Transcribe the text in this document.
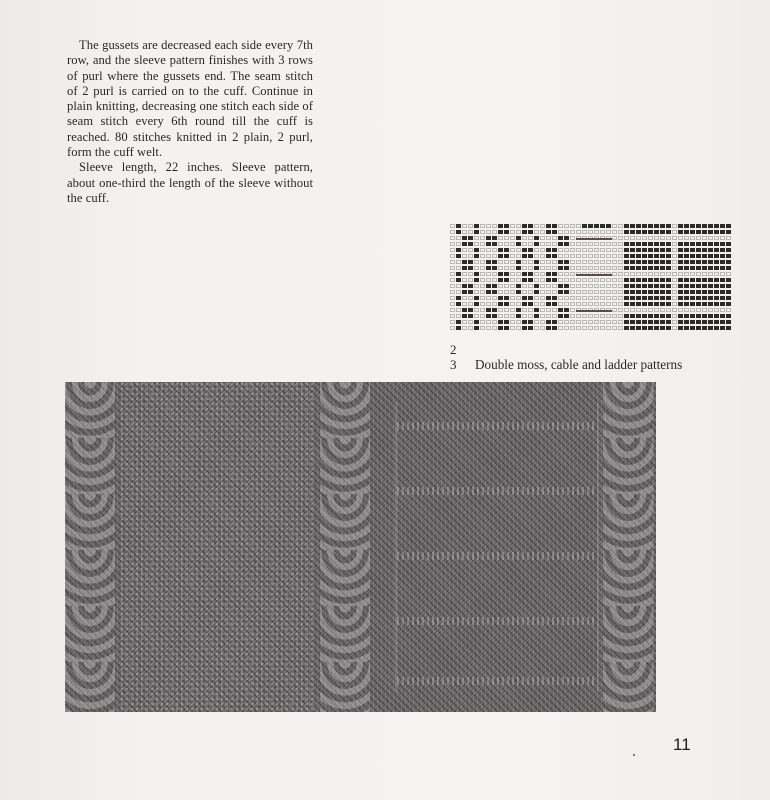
The gussets are decreased each side every 7th row, and the sleeve pattern finishes with 3 rows of purl where the gussets end. The seam stitch of 2 purl is carried on to the cuff. Continue in plain knitting, decreasing one stitch each side of seam stitch every 6th round till the cuff is reached. 80 stitches knitted in 2 plain, 2 purl, form the cuff welt.

Sleeve length, 22 inches. Sleeve pattern, about one-third the length of the sleeve without the cuff.

2
3 Double moss, cable and ladder patterns
11
